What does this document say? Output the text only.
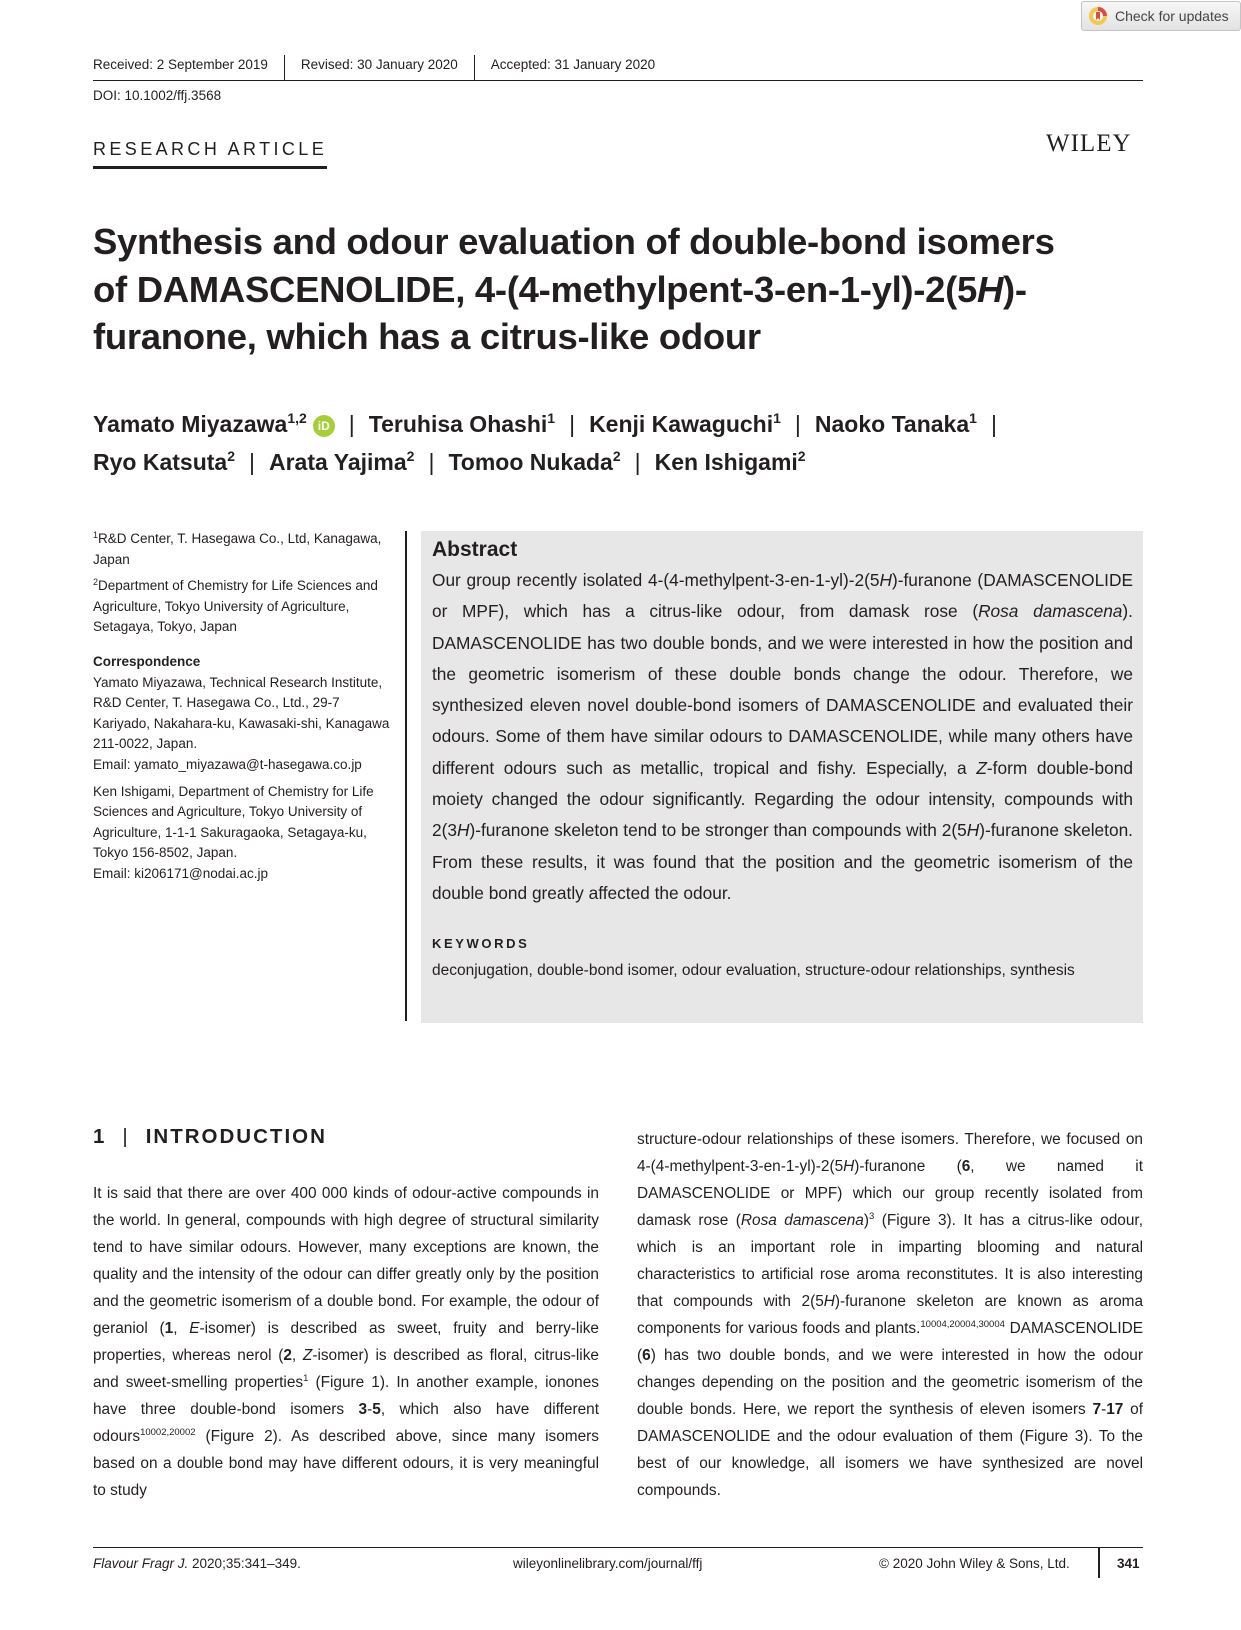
Check for updates
Received: 2 September 2019	Revised: 30 January 2020	Accepted: 31 January 2020
DOI: 10.1002/ffj.3568
RESEARCH ARTICLE	WILEY
Synthesis and odour evaluation of double-bond isomers
of DAMASCENOLIDE, 4-(4-methylpent-3-en-1-yl)-2(5H)-
furanone, which has a citrus-like odour
Yamato Miyazawa$^{1,2}$ iD | Teruhisa Ohashi$^1$ | Kenji Kawaguchi$^1$ | Naoko Tanaka$^1$ |
Ryo Katsuta$^2$ | Arata Yajima$^2$ | Tomoo Nukada$^2$ | Ken Ishigami$^2$

$^1$R&D Center, T. Hasegawa Co., Ltd, Kanagawa, Japan

$^2$Department of Chemistry for Life Sciences and Agriculture, Tokyo University of Agriculture, Setagaya, Tokyo, Japan

Correspondence

Yamato Miyazawa, Technical Research Institute, R&D Center, T. Hasegawa Co., Ltd., 29-7 Kariyado, Nakahara-ku, Kawasaki-shi, Kanagawa 211-0022, Japan.
Email: yamato_miyazawa@t-hasegawa.co.jp

Ken Ishigami, Department of Chemistry for Life Sciences and Agriculture, Tokyo University of Agriculture, 1-1-1 Sakuragaoka, Setagaya-ku, Tokyo 156-8502, Japan.
Email: ki206171@nodai.ac.jp

Abstract

Our group recently isolated 4-(4-methylpent-3-en-1-yl)-2(5H)-furanone (DAMASCENOLIDE or MPF), which has a citrus-like odour, from damask rose (Rosa damascena). DAMASCENOLIDE has two double bonds, and we were interested in how the position and the geometric isomerism of these double bonds change the odour. Therefore, we synthesized eleven novel double-bond isomers of DAMASCENOLIDE and evaluated their odours. Some of them have similar odours to DAMASCENOLIDE, while many others have different odours such as metallic, tropical and fishy. Especially, a Z-form double-bond moiety changed the odour significantly. Regarding the odour intensity, compounds with 2(3H)-furanone skeleton tend to be stronger than compounds with 2(5H)-furanone skeleton. From these results, it was found that the position and the geometric isomerism of the double bond greatly affected the odour.

KEYWORDS
deconjugation, double-bond isomer, odour evaluation, structure-odour relationships, synthesis
1 | INTRODUCTION

It is said that there are over 400 000 kinds of odour-active compounds in the world. In general, compounds with high degree of structural similarity tend to have similar odours. However, many exceptions are known, the quality and the intensity of the odour can differ greatly only by the position and the geometric isomerism of a double bond. For example, the odour of geraniol (1, E-isomer) is described as sweet, fruity and berry-like properties, whereas nerol (2, Z-isomer) is described as floral, citrus-like and sweet-smelling properties$^1$ (Figure 1). In another example, ionones have three double-bond isomers 3-5, which also have different odours$^{10002,20002}$ (Figure 2). As described above, since many isomers based on a double bond may have different odours, it is very meaningful to study

structure-odour relationships of these isomers. Therefore, we focused on 4-(4-methylpent-3-en-1-yl)-2(5H)-furanone (6, we named it DAMASCENOLIDE or MPF) which our group recently isolated from damask rose (Rosa damascena)$^3$ (Figure 3). It has a citrus-like odour, which is an important role in imparting blooming and natural characteristics to artificial rose aroma reconstitutes. It is also interesting that compounds with 2(5H)-furanone skeleton are known as aroma components for various foods and plants.$^{10004,20004,30004}$ DAMASCENOLIDE (6) has two double bonds, and we were interested in how the odour changes depending on the position and the geometric isomerism of the double bonds. Here, we report the synthesis of eleven isomers 7-17 of DAMASCENOLIDE and the odour evaluation of them (Figure 3). To the best of our knowledge, all isomers we have synthesized are novel compounds.

Flavour Fragr J. 2020;35:341–349.	wileyonlinelibrary.com/journal/ffj	© 2020 John Wiley & Sons, Ltd.	341
